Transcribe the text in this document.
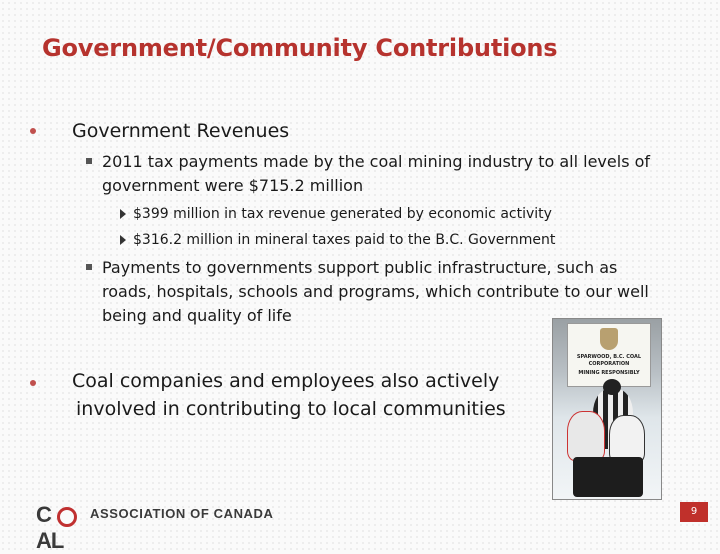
Government/Community Contributions
Government Revenues
2011 tax payments made by the coal mining industry to all levels of
government were $715.2 million
$399 million in tax revenue generated by economic activity
$316.2 million in mineral taxes paid to the B.C. Government
Payments to governments support public infrastructure, such as
roads, hospitals, schools and programs, which contribute to our well
being and quality of life
Coal companies and employees also actively
involved in contributing to local communities
SPARWOOD, B.C. COAL
CORPORATION
MINING RESPONSIBLY
C AL
ASSOCIATION OF CANADA	9
